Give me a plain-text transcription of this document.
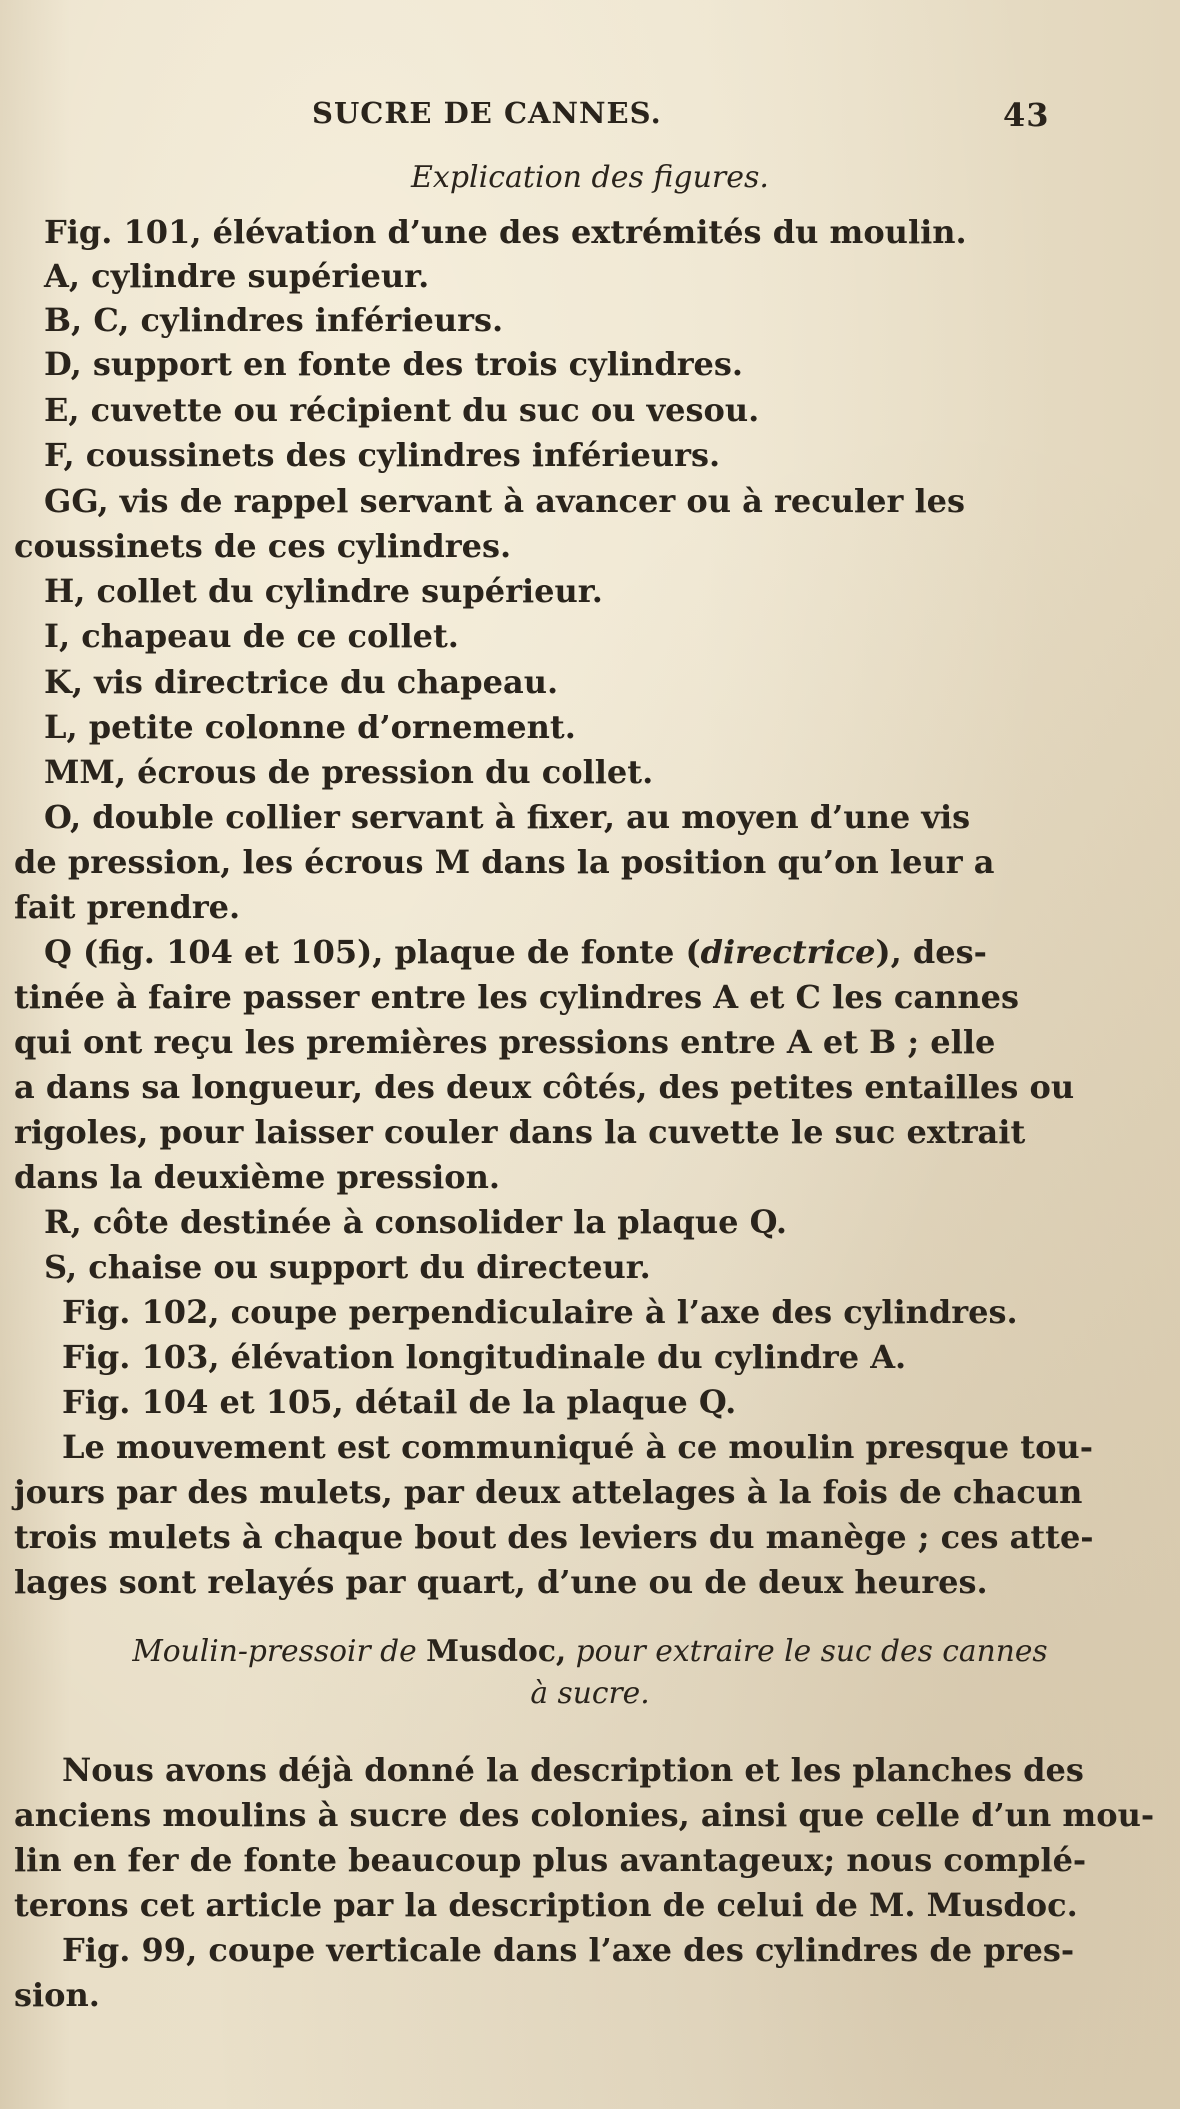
SUCRE DE CANNES.	43
Explication des figures.
Fig. 101, élévation d’une des extrémités du moulin.
A, cylindre supérieur.
B, C, cylindres inférieurs.
D, support en fonte des trois cylindres.
E, cuvette ou récipient du suc ou vesou.
F, coussinets des cylindres inférieurs.
GG, vis de rappel servant à avancer ou à reculer les
coussinets de ces cylindres.
H, collet du cylindre supérieur.
I, chapeau de ce collet.
K, vis directrice du chapeau.
L, petite colonne d’ornement.
MM, écrous de pression du collet.
O, double collier servant à fixer, au moyen d’une vis
de pression, les écrous M dans la position qu’on leur a
fait prendre.
Q (fig. 104 et 105), plaque de fonte (directrice), des-
tinée à faire passer entre les cylindres A et C les cannes
qui ont reçu les premières pressions entre A et B ; elle
a dans sa longueur, des deux côtés, des petites entailles ou
rigoles, pour laisser couler dans la cuvette le suc extrait
dans la deuxième pression.
R, côte destinée à consolider la plaque Q.
S, chaise ou support du directeur.
Fig. 102, coupe perpendiculaire à l’axe des cylindres.
Fig. 103, élévation longitudinale du cylindre A.
Fig. 104 et 105, détail de la plaque Q.
Le mouvement est communiqué à ce moulin presque tou-
jours par des mulets, par deux attelages à la fois de chacun
trois mulets à chaque bout des leviers du manège ; ces atte-
lages sont relayés par quart, d’une ou de deux heures.
Moulin-pressoir de Musdoc, pour extraire le suc des cannes
à sucre.
Nous avons déjà donné la description et les planches des
anciens moulins à sucre des colonies, ainsi que celle d’un mou-
lin en fer de fonte beaucoup plus avantageux; nous complé-
terons cet article par la description de celui de M. Musdoc.
Fig. 99, coupe verticale dans l’axe des cylindres de pres-
sion.
